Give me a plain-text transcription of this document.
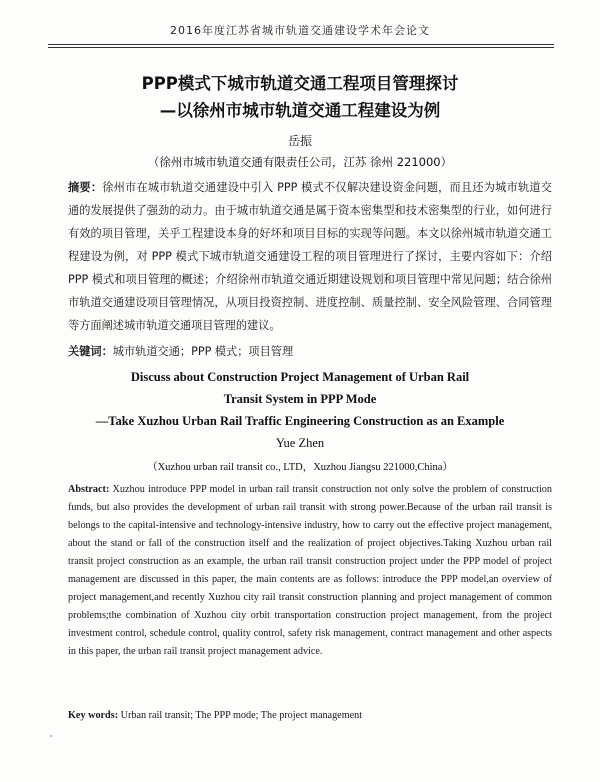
2016年度江苏省城市轨道交通建设学术年会论文
PPP模式下城市轨道交通工程项目管理探讨
—以徐州市城市轨道交通工程建设为例
岳振
（徐州市城市轨道交通有限责任公司，江苏 徐州 221000）
摘要：徐州市在城市轨道交通建设中引入 PPP 模式不仅解决建设资金问题，而且还为城市轨道交通的发展提供了强劲的动力。由于城市轨道交通是属于资本密集型和技术密集型的行业，如何进行有效的项目管理，关乎工程建设本身的好坏和项目目标的实现等问题。本文以徐州城市轨道交通工程建设为例，对 PPP 模式下城市轨道交通建设工程的项目管理进行了探讨，主要内容如下：介绍 PPP 模式和项目管理的概述；介绍徐州市轨道交通近期建设规划和项目管理中常见问题；结合徐州市轨道交通建设项目管理情况，从项目投资控制、进度控制、质量控制、安全风险管理、合同管理等方面阐述城市轨道交通项目管理的建议。
关键词：城市轨道交通；PPP 模式；项目管理
Discuss about Construction Project Management of Urban Rail
Transit System in PPP Mode
—Take Xuzhou Urban Rail Traffic Engineering Construction as an Example
Yue Zhen
（Xuzhou urban rail transit co., LTD，Xuzhou Jiangsu 221000,China）
Abstract: Xuzhou introduce PPP model in urban rail transit construction not only solve the problem of construction funds, but also provides the development of urban rail transit with strong power.Because of the urban rail transit is belongs to the capital-intensive and technology-intensive industry, how to carry out the effective project management, about the stand or fall of the construction itself and the realization of project objectives.Taking Xuzhou urban rail transit project construction as an example, the urban rail transit construction project under the PPP model of project management are discussed in this paper, the main contents are as follows: introduce the PPP model,an overview of project management,and recently Xuzhou city rail transit construction planning and project management of common problems;the combination of Xuzhou city orbit transportation construction project management, from the project investment control, schedule control, quality control, safety risk management, contract management and other aspects in this paper, the urban rail transit project management advice.
Key words: Urban rail transit; The PPP mode; The project management
